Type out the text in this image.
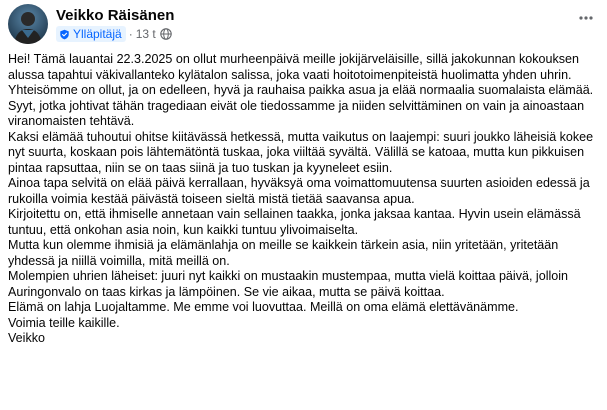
Veikko Räisänen
Ylläpitäjä · 13 t

Hei! Tämä lauantai 22.3.2025 on ollut murheenpäivä meille jokijärveläisille, sillä jakokunnan kokouksen alussa tapahtui väkivallanteko kylätalon salissa, joka vaati hoitotoimenpiteistä huolimatta yhden uhrin.

Yhteisömme on ollut, ja on edelleen, hyvä ja rauhaisa paikka asua ja elää normaalia suomalaista elämää. Syyt, jotka johtivat tähän tragediaan eivät ole tiedossamme ja niiden selvittäminen on vain ja ainoastaan viranomaisten tehtävä.

Kaksi elämää tuhoutui ohitse kiitävässä hetkessä, mutta vaikutus on laajempi: suuri joukko läheisiä kokee nyt suurta, koskaan pois lähtemätöntä tuskaa, joka viiltää syvältä. Välillä se katoaa, mutta kun pikkuisen pintaa rapsuttaa, niin se on taas siinä ja tuo tuskan ja kyyneleet esiin.

Ainoa tapa selvitä on elää päivä kerrallaan, hyväksyä oma voimattomuutensa suurten asioiden edessä ja rukoilla voimia kestää päivästä toiseen sieltä mistä tietää saavansa apua.

Kirjoitettu on, että ihmiselle annetaan vain sellainen taakka, jonka jaksaa kantaa. Hyvin usein elämässä tuntuu, että onkohan asia noin, kun kaikki tuntuu ylivoimaiselta.

Mutta kun olemme ihmisiä ja elämänlahja on meille se kaikkein tärkein asia, niin yritetään, yritetään yhdessä ja niillä voimilla, mitä meillä on.

Molempien uhrien läheiset: juuri nyt kaikki on mustaakin mustempaa, mutta vielä koittaa päivä, jolloin Auringonvalo on taas kirkas ja lämpöinen. Se vie aikaa, mutta se päivä koittaa.

Elämä on lahja Luojaltamme. Me emme voi luovuttaa. Meillä on oma elämä elettävänämme.

Voimia teille kaikille.

Veikko
